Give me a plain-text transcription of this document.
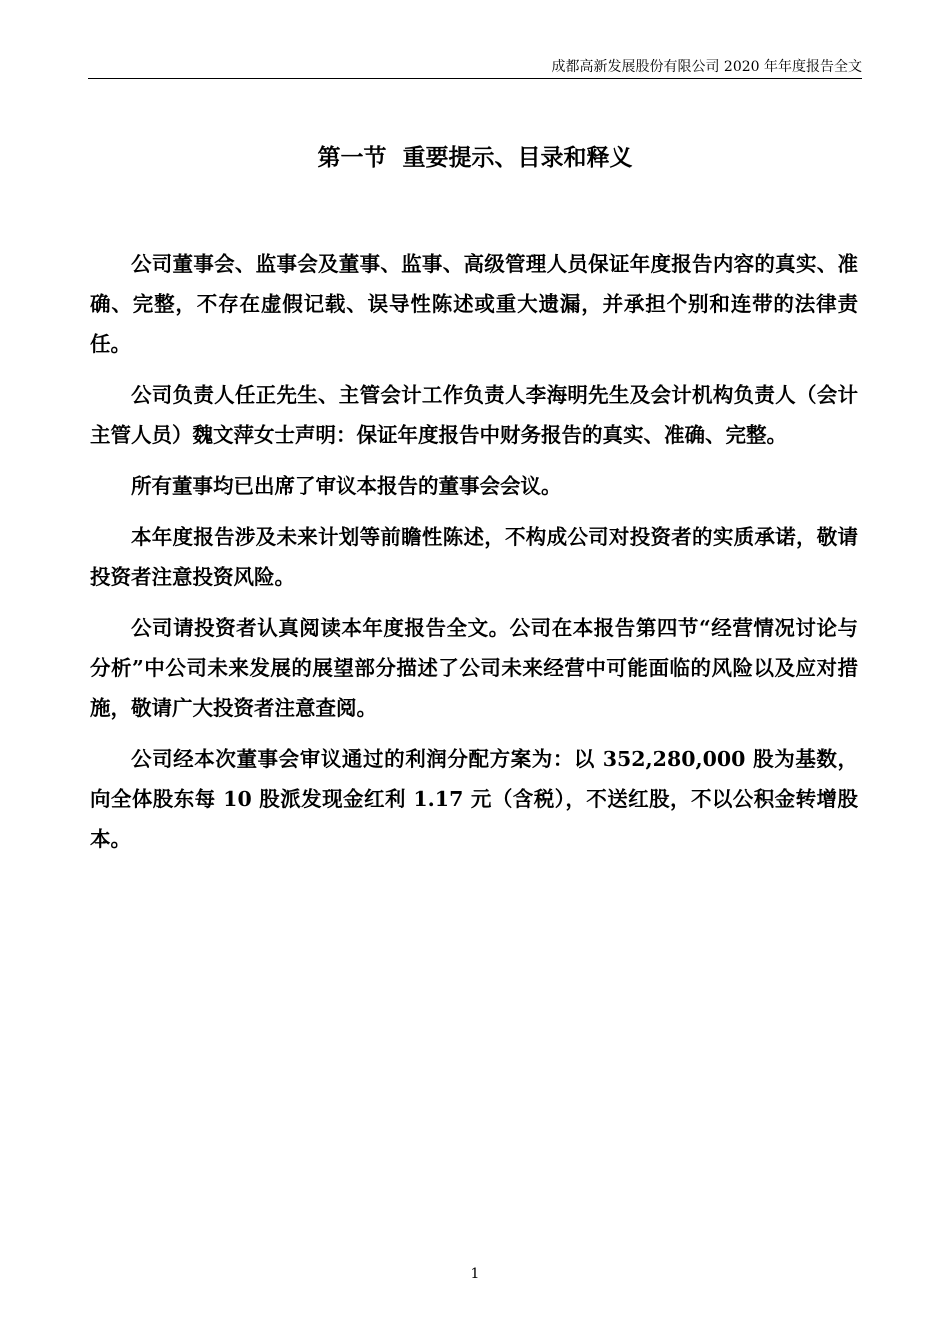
成都高新发展股份有限公司 2020 年年度报告全文
第一节  重要提示、目录和释义

公司董事会、监事会及董事、监事、高级管理人员保证年度报告内容的真实、准确、完整，不存在虚假记载、误导性陈述或重大遗漏，并承担个别和连带的法律责任。

公司负责人任正先生、主管会计工作负责人李海明先生及会计机构负责人（会计主管人员）魏文萍女士声明：保证年度报告中财务报告的真实、准确、完整。

所有董事均已出席了审议本报告的董事会会议。

本年度报告涉及未来计划等前瞻性陈述，不构成公司对投资者的实质承诺，敬请投资者注意投资风险。

公司请投资者认真阅读本年度报告全文。公司在本报告第四节“经营情况讨论与分析”中公司未来发展的展望部分描述了公司未来经营中可能面临的风险以及应对措施，敬请广大投资者注意查阅。

公司经本次董事会审议通过的利润分配方案为：以 352,280,000 股为基数，向全体股东每 10 股派发现金红利 1.17 元（含税），不送红股，不以公积金转增股本。

1
